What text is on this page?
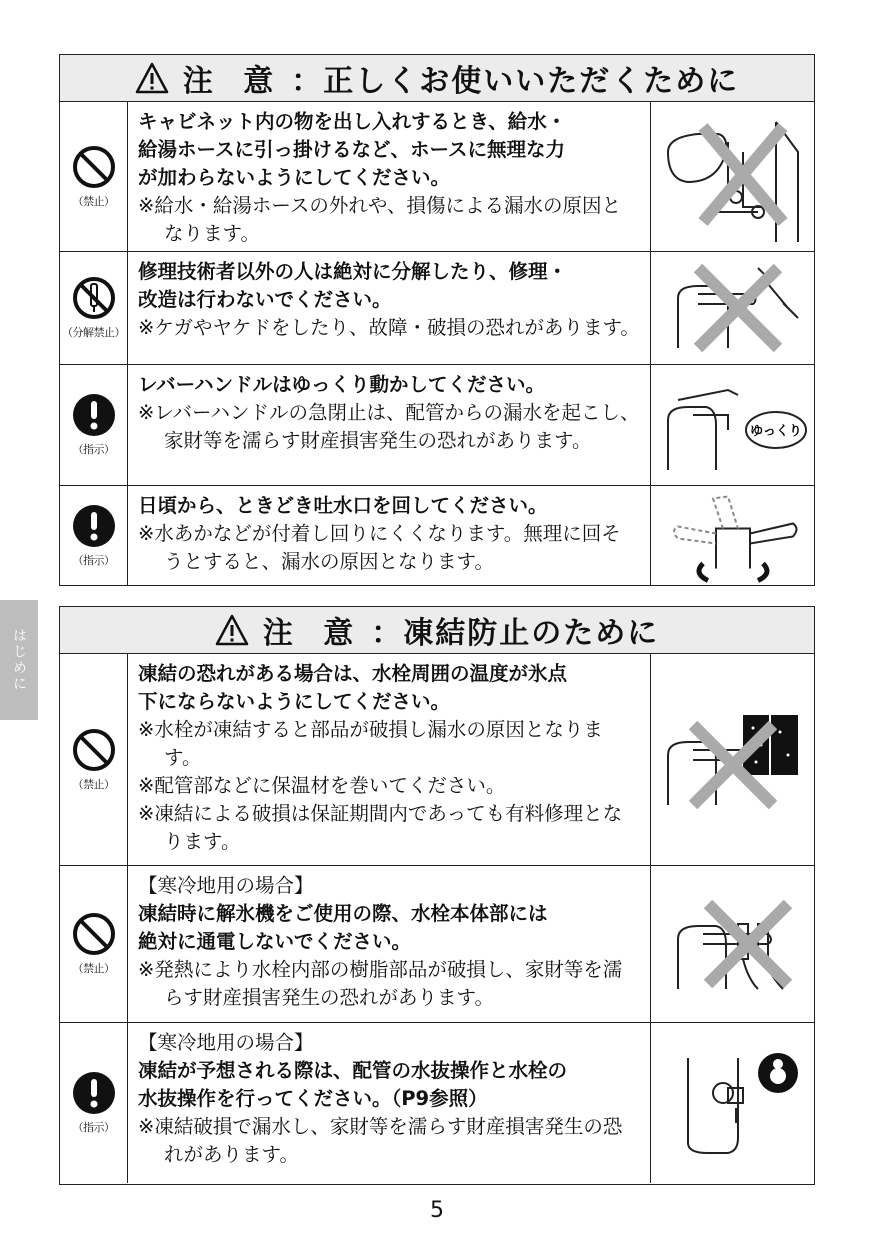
はじめに
注 意 ：正しくお使いいただくために
（禁止）
キャビネット内の物を出し入れするとき、給水・
給湯ホースに引っ掛けるなど、ホースに無理な力
が加わらないようにしてください。
※給水・給湯ホースの外れや、損傷による漏水の原因となります。
（分解禁止）
修理技術者以外の人は絶対に分解したり、修理・
改造は行わないでください。
※ケガやヤケドをしたり、故障・破損の恐れがあります。
（指示）
レバーハンドルはゆっくり動かしてください。
※レバーハンドルの急閉止は、配管からの漏水を起こし、家財等を濡らす財産損害発生の恐れがあります。	ゆっくり
（指示）
日頃から、ときどき吐水口を回してください。
※水あかなどが付着し回りにくくなります。無理に回そうとすると、漏水の原因となります。
注 意 ：凍結防止のために
（禁止）
凍結の恐れがある場合は、水栓周囲の温度が氷点
下にならないようにしてください。
※水栓が凍結すると部品が破損し漏水の原因となります。
※配管部などに保温材を巻いてください。
※凍結による破損は保証期間内であっても有料修理となります。
（禁止）
【寒冷地用の場合】
凍結時に解氷機をご使用の際、水栓本体部には
絶対に通電しないでください。
※発熱により水栓内部の樹脂部品が破損し、家財等を濡らす財産損害発生の恐れがあります。
（指示）
【寒冷地用の場合】
凍結が予想される際は、配管の水抜操作と水栓の
水抜操作を行ってください。（P9参照）
※凍結破損で漏水し、家財等を濡らす財産損害発生の恐れがあります。
5
